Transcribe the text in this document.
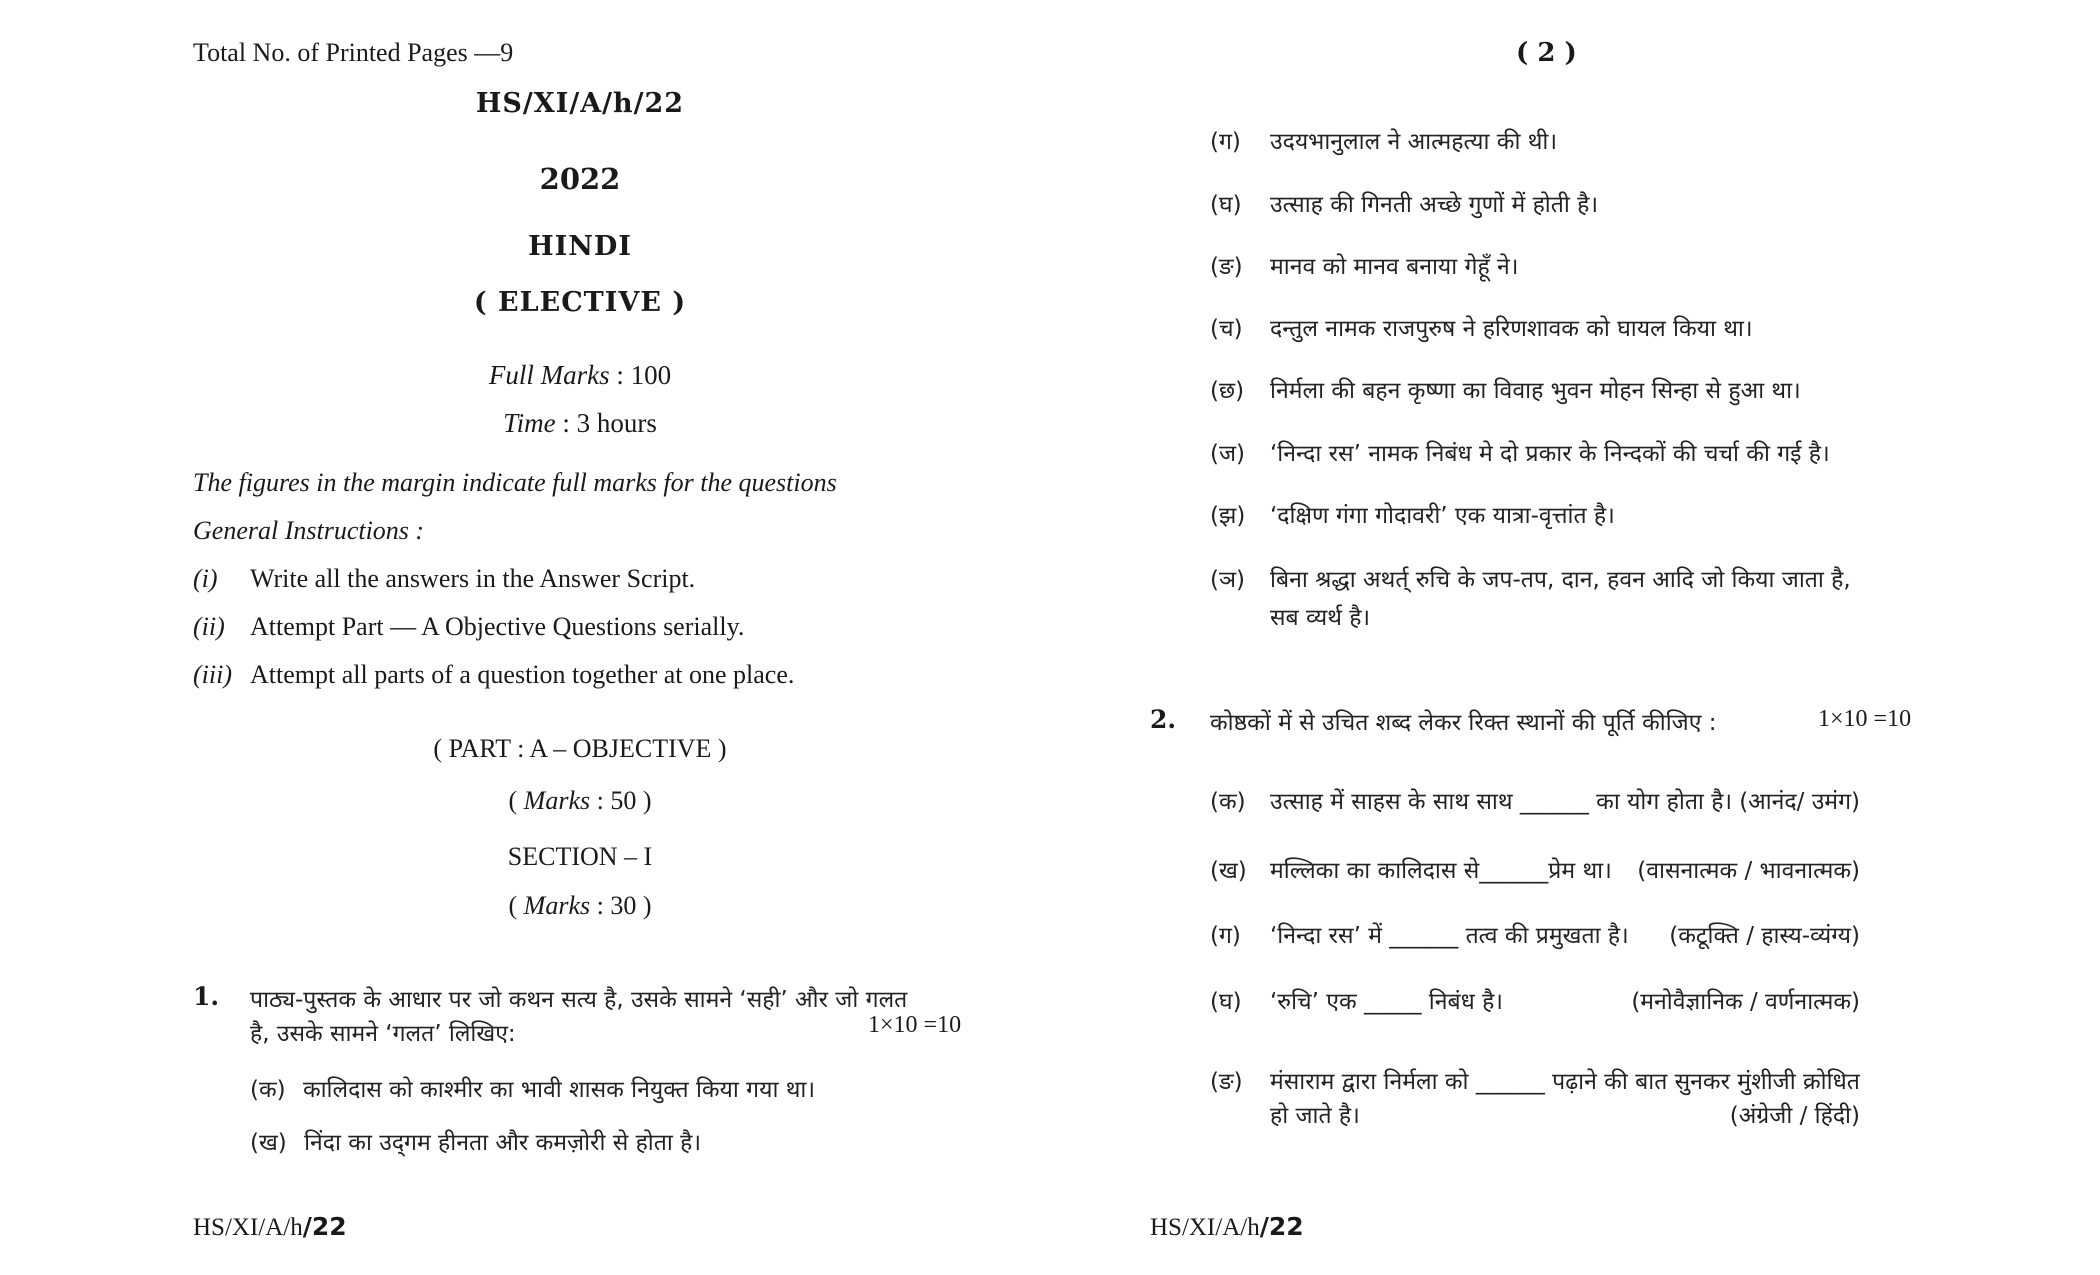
Total No. of Printed Pages —9
HS/XI/A/h/22
2022
HINDI
( ELECTIVE )
Full Marks : 100
Time : 3 hours
The figures in the margin indicate full marks for the questions
General Instructions :
(i) Write all the answers in the Answer Script.
(ii) Attempt Part — A Objective Questions serially.
(iii) Attempt all parts of a question together at one place.
( PART : A – OBJECTIVE )
( Marks : 50 )
SECTION – I
( Marks : 30 )
1. पाठ्य-पुस्तक के आधार पर जो कथन सत्य है, उसके सामने ‘सही’ और जो गलत
है, उसके सामने ‘गलत’ लिखिए:	1×10 =10
(क) कालिदास को काश्मीर का भावी शासक नियुक्त किया गया था।
(ख) निंदा का उद्‌गम हीनता और कमज़ोरी से होता है।
HS/XI/A/h/22
( 2 )
(ग) उदयभानुलाल ने आत्महत्या की थी।
(घ) उत्साह की गिनती अच्छे गुणों में होती है।
(ङ) मानव को मानव बनाया गेहूँ ने।
(च) दन्तुल नामक राजपुरुष ने हरिणशावक को घायल किया था।
(छ) निर्मला की बहन कृष्णा का विवाह भुवन मोहन सिन्हा से हुआ था।
(ज) ‘निन्दा रस’ नामक निबंध मे दो प्रकार के निन्दकों की चर्चा की गई है।
(झ) ‘दक्षिण गंगा गोदावरी’ एक यात्रा-वृत्तांत है।
(ञ) बिना श्रद्धा अथर्त् रुचि के जप-तप, दान, हवन आदि जो किया जाता है,
सब व्यर्थ है।
2. कोष्ठकों में से उचित शब्द लेकर रिक्त स्थानों की पूर्ति कीजिए :	1×10 =10
(क) उत्साह में साहस के साथ साथ ______ का योग होता है। (आनंद/ उमंग)
(ख) मल्लिका का कालिदास से______प्रेम था। (वासनात्मक / भावनात्मक)
(ग) ‘निन्दा रस’ में ______ तत्व की प्रमुखता है। (कटूक्ति / हास्य-व्यंग्य)
(घ) ‘रुचि’ एक _____ निबंध है।	(मनोवैज्ञानिक / वर्णनात्मक)
(ङ) मंसाराम द्वारा निर्मला को ______ पढ़ाने की बात सुनकर मुंशीजी क्रोधित
हो जाते है।	(अंग्रेजी / हिंदी)
HS/XI/A/h/22
